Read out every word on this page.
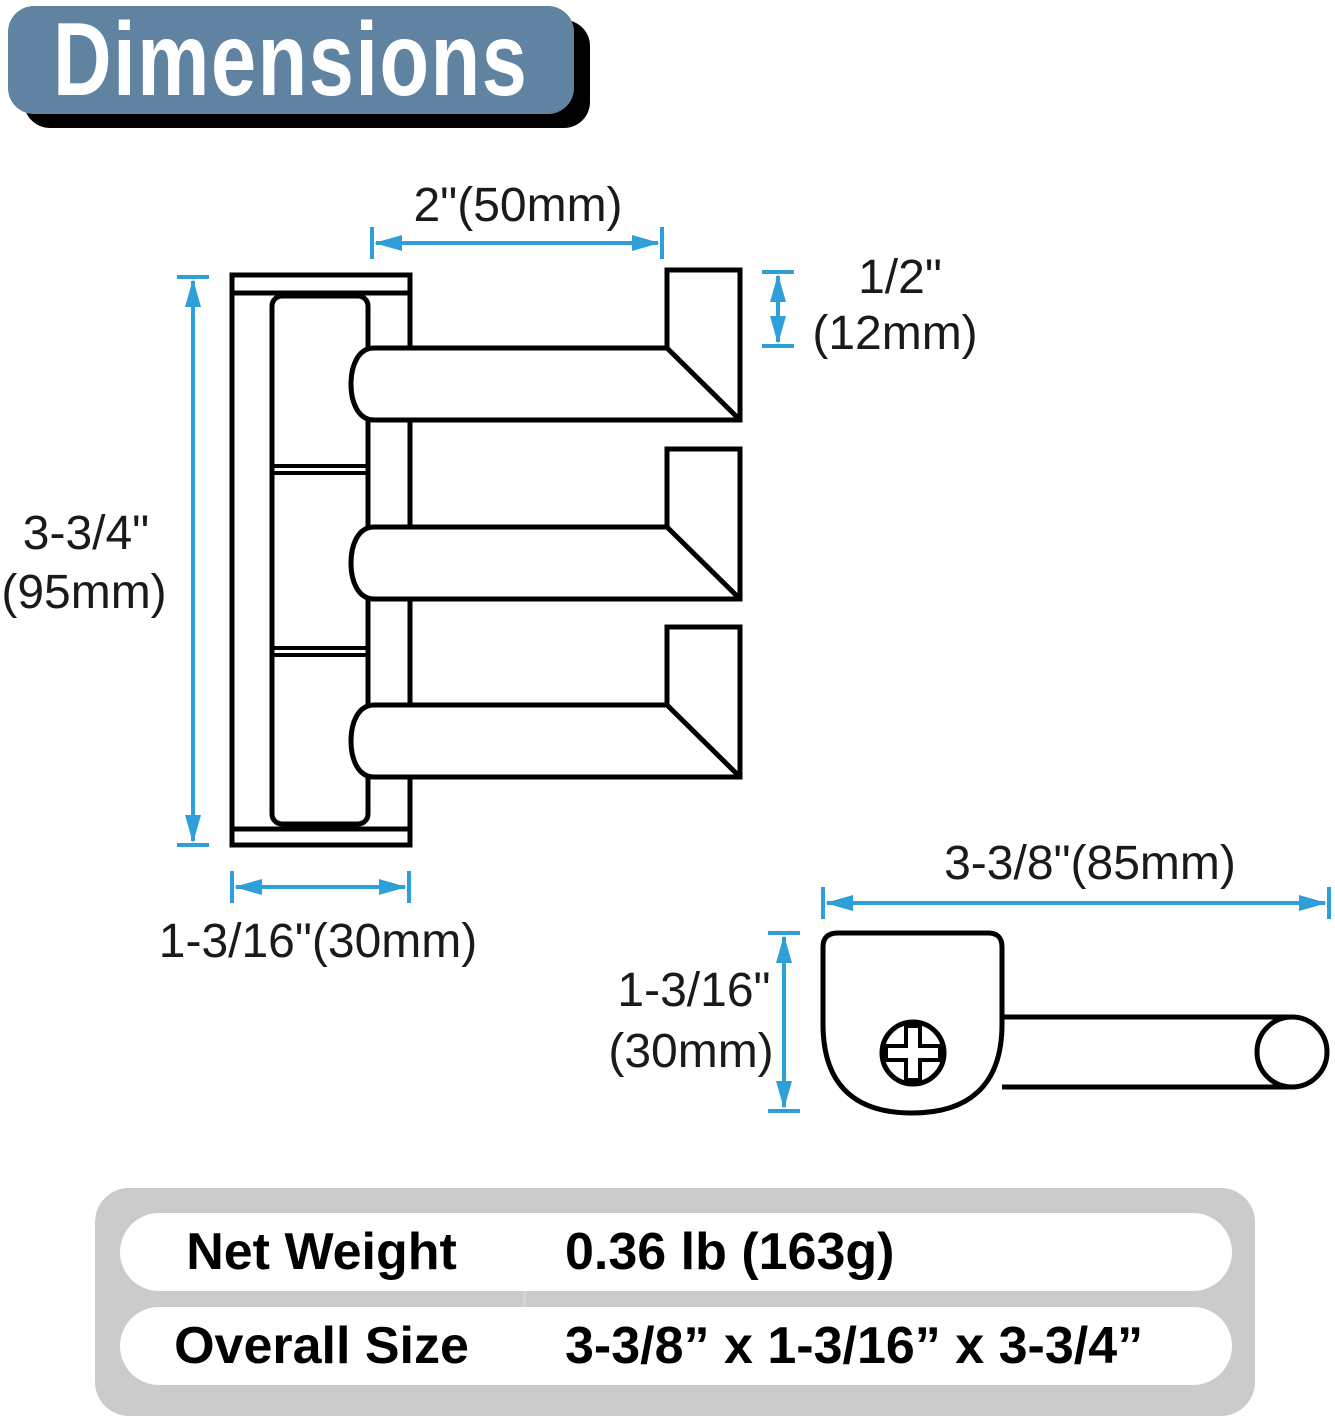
Dimensions
2"(50mm)
1/2"
(12mm)
3-3/4"
(95mm)
1-3/16"(30mm)
3-3/8"(85mm)
1-3/16"
(30mm)
Net Weight	0.36 lb (163g)
Overall Size	3-3/8” x 1-3/16” x 3-3/4”
